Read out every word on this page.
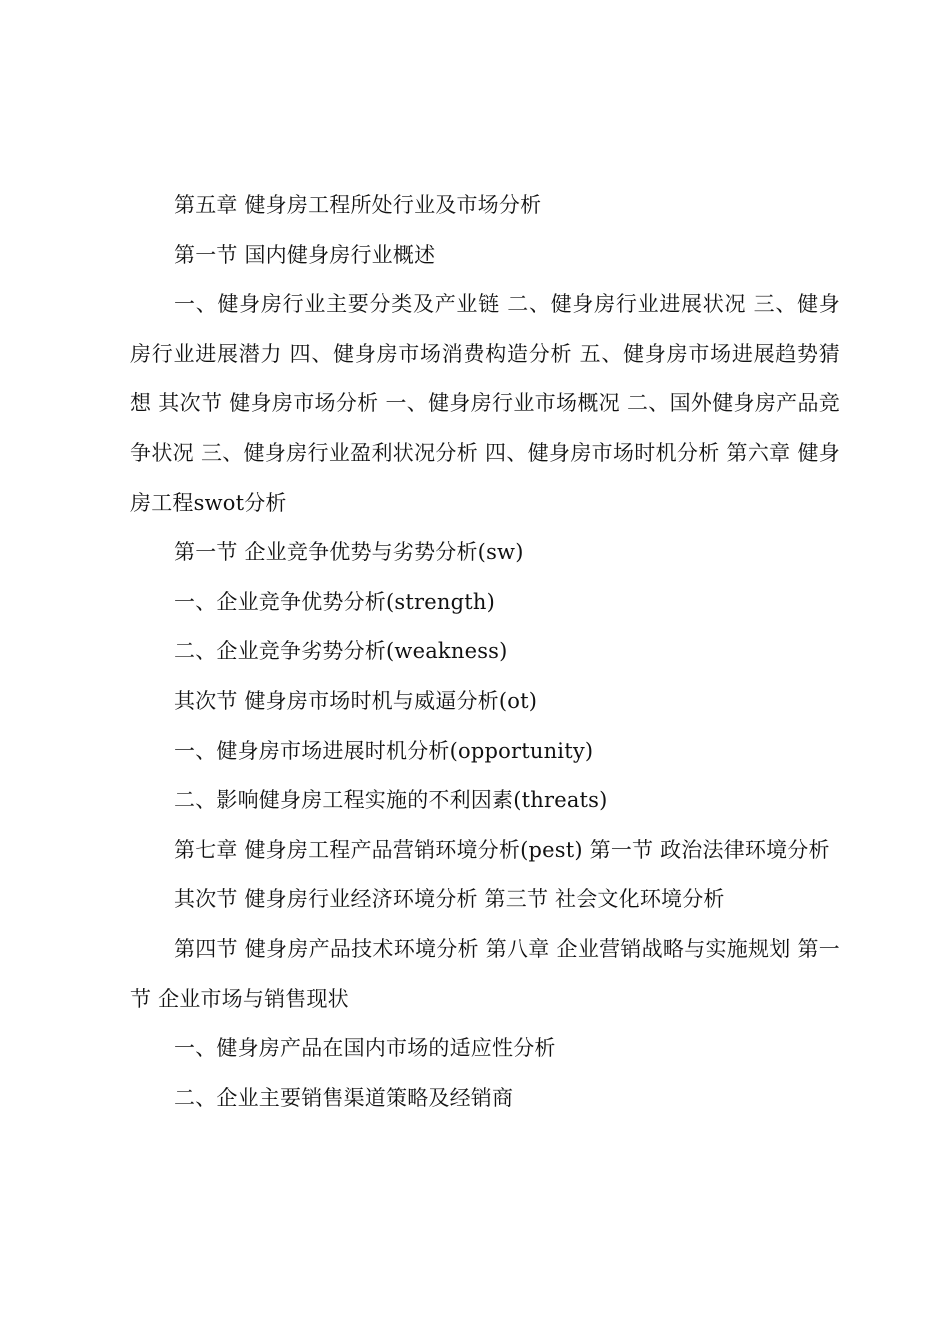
第五章 健身房工程所处行业及市场分析

第一节 国内健身房行业概述

一、健身房行业主要分类及产业链 二、健身房行业进展状况 三、健身房行业进展潜力 四、健身房市场消费构造分析 五、健身房市场进展趋势猜想 其次节 健身房市场分析 一、健身房行业市场概况 二、国外健身房产品竞争状况 三、健身房行业盈利状况分析 四、健身房市场时机分析 第六章 健身房工程swot分析

第一节 企业竞争优势与劣势分析(sw)

一、企业竞争优势分析(strength)

二、企业竞争劣势分析(weakness)

其次节 健身房市场时机与威逼分析(ot)

一、健身房市场进展时机分析(opportunity)

二、影响健身房工程实施的不利因素(threats)

第七章 健身房工程产品营销环境分析(pest) 第一节 政治法律环境分析

其次节 健身房行业经济环境分析 第三节 社会文化环境分析

第四节 健身房产品技术环境分析 第八章 企业营销战略与实施规划 第一节 企业市场与销售现状

一、健身房产品在国内市场的适应性分析

二、企业主要销售渠道策略及经销商
